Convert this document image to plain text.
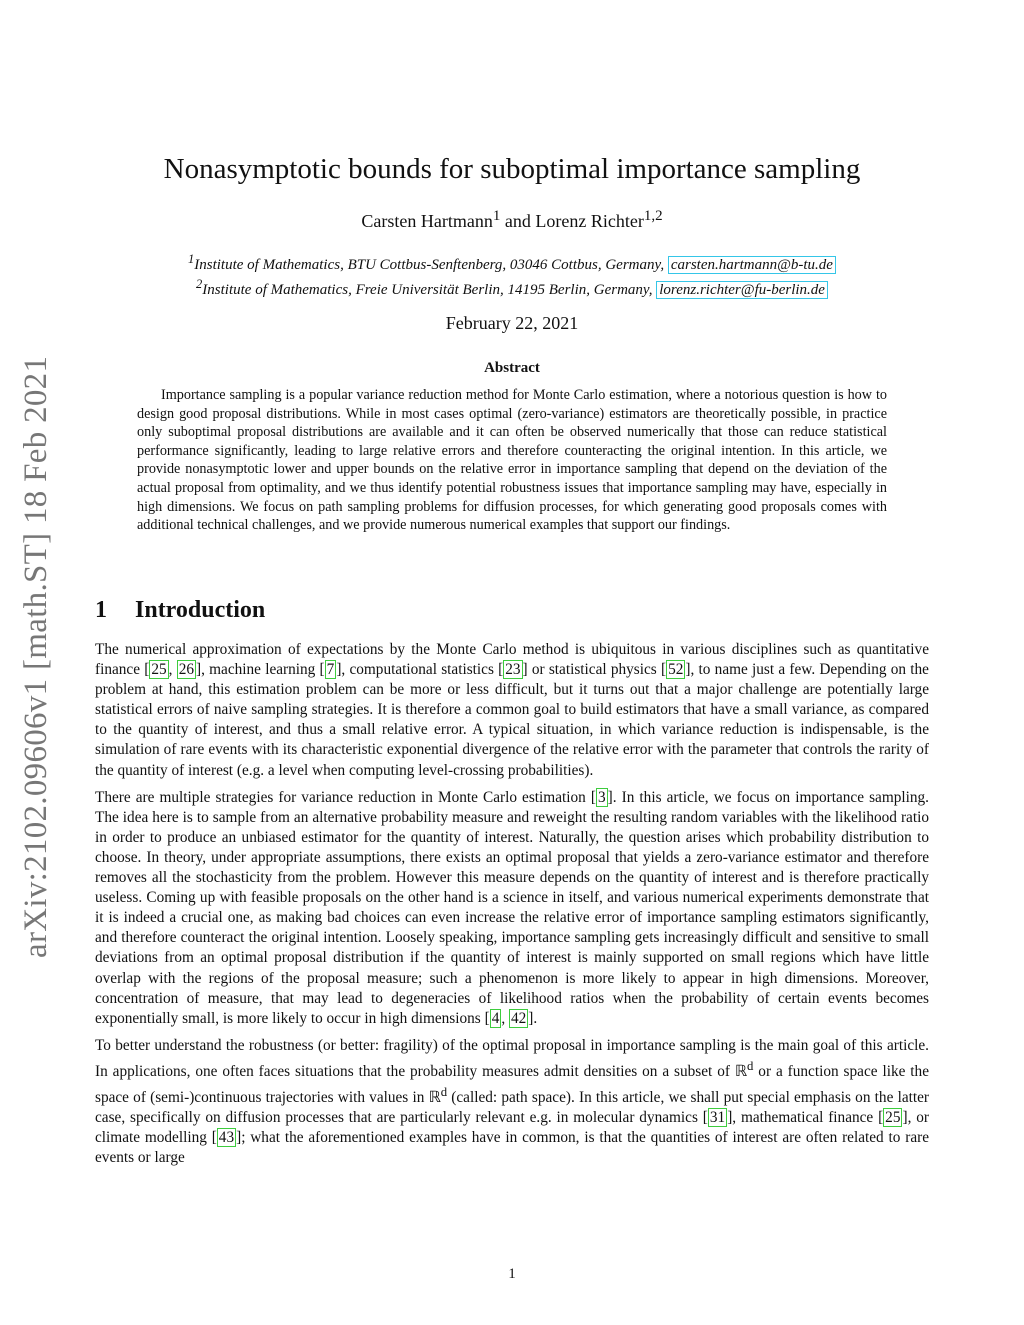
arXiv:2102.09606v1 [math.ST] 18 Feb 2021
Nonasymptotic bounds for suboptimal importance sampling
Carsten Hartmann$^1$ and Lorenz Richter$^{1,2}$
$^1$Institute of Mathematics, BTU Cottbus-Senftenberg, 03046 Cottbus, Germany, carsten.hartmann@b-tu.de
$^2$Institute of Mathematics, Freie Universität Berlin, 14195 Berlin, Germany, lorenz.richter@fu-berlin.de
February 22, 2021
Abstract

Importance sampling is a popular variance reduction method for Monte Carlo estimation, where a notorious question is how to design good proposal distributions. While in most cases optimal (zero-variance) estimators are theoretically possible, in practice only suboptimal proposal distributions are available and it can often be observed numerically that those can reduce statistical performance significantly, leading to large relative errors and therefore counteracting the original intention. In this article, we provide nonasymptotic lower and upper bounds on the relative error in importance sampling that depend on the deviation of the actual proposal from optimality, and we thus identify potential robustness issues that importance sampling may have, especially in high dimensions. We focus on path sampling problems for diffusion processes, for which generating good proposals comes with additional technical challenges, and we provide numerous numerical examples that support our findings.

1 Introduction

The numerical approximation of expectations by the Monte Carlo method is ubiquitous in various disciplines such as quantitative finance [ 25 , 26 ], machine learning [ 7 ], computational statistics [ 23 ] or statistical physics [ 52 ], to name just a few. Depending on the problem at hand, this estimation problem can be more or less difficult, but it turns out that a major challenge are potentially large statistical errors of naive sampling strategies. It is therefore a common goal to build estimators that have a small variance, as compared to the quantity of interest, and thus a small relative error. A typical situation, in which variance reduction is indispensable, is the simulation of rare events with its characteristic exponential divergence of the relative error with the parameter that controls the rarity of the quantity of interest (e.g. a level when computing level-crossing probabilities).

There are multiple strategies for variance reduction in Monte Carlo estimation [ 3 ]. In this article, we focus on importance sampling. The idea here is to sample from an alternative probability measure and reweight the resulting random variables with the likelihood ratio in order to produce an unbiased estimator for the quantity of interest. Naturally, the question arises which probability distribution to choose. In theory, under appropriate assumptions, there exists an optimal proposal that yields a zero-variance estimator and therefore removes all the stochasticity from the problem. However this measure depends on the quantity of interest and is therefore practically useless. Coming up with feasible proposals on the other hand is a science in itself, and various numerical experiments demonstrate that it is indeed a crucial one, as making bad choices can even increase the relative error of importance sampling estimators significantly, and therefore counteract the original intention. Loosely speaking, importance sampling gets increasingly difficult and sensitive to small deviations from an optimal proposal distribution if the quantity of interest is mainly supported on small regions which have little overlap with the regions of the proposal measure; such a phenomenon is more likely to appear in high dimensions. Moreover, concentration of measure, that may lead to degeneracies of likelihood ratios when the probability of certain events becomes exponentially small, is more likely to occur in high dimensions [ 4 , 42 ].

To better understand the robustness (or better: fragility) of the optimal proposal in importance sampling is the main goal of this article. In applications, one often faces situations that the probability measures admit densities on a subset of ℝ$^d$ or a function space like the space of (semi-)continuous trajectories with values in ℝ$^d$ (called: path space). In this article, we shall put special emphasis on the latter case, specifically on diffusion processes that are particularly relevant e.g. in molecular dynamics [ 31 ], mathematical finance [ 25 ], or climate modelling [ 43 ]; what the aforementioned examples have in common, is that the quantities of interest are often related to rare events or large

1
